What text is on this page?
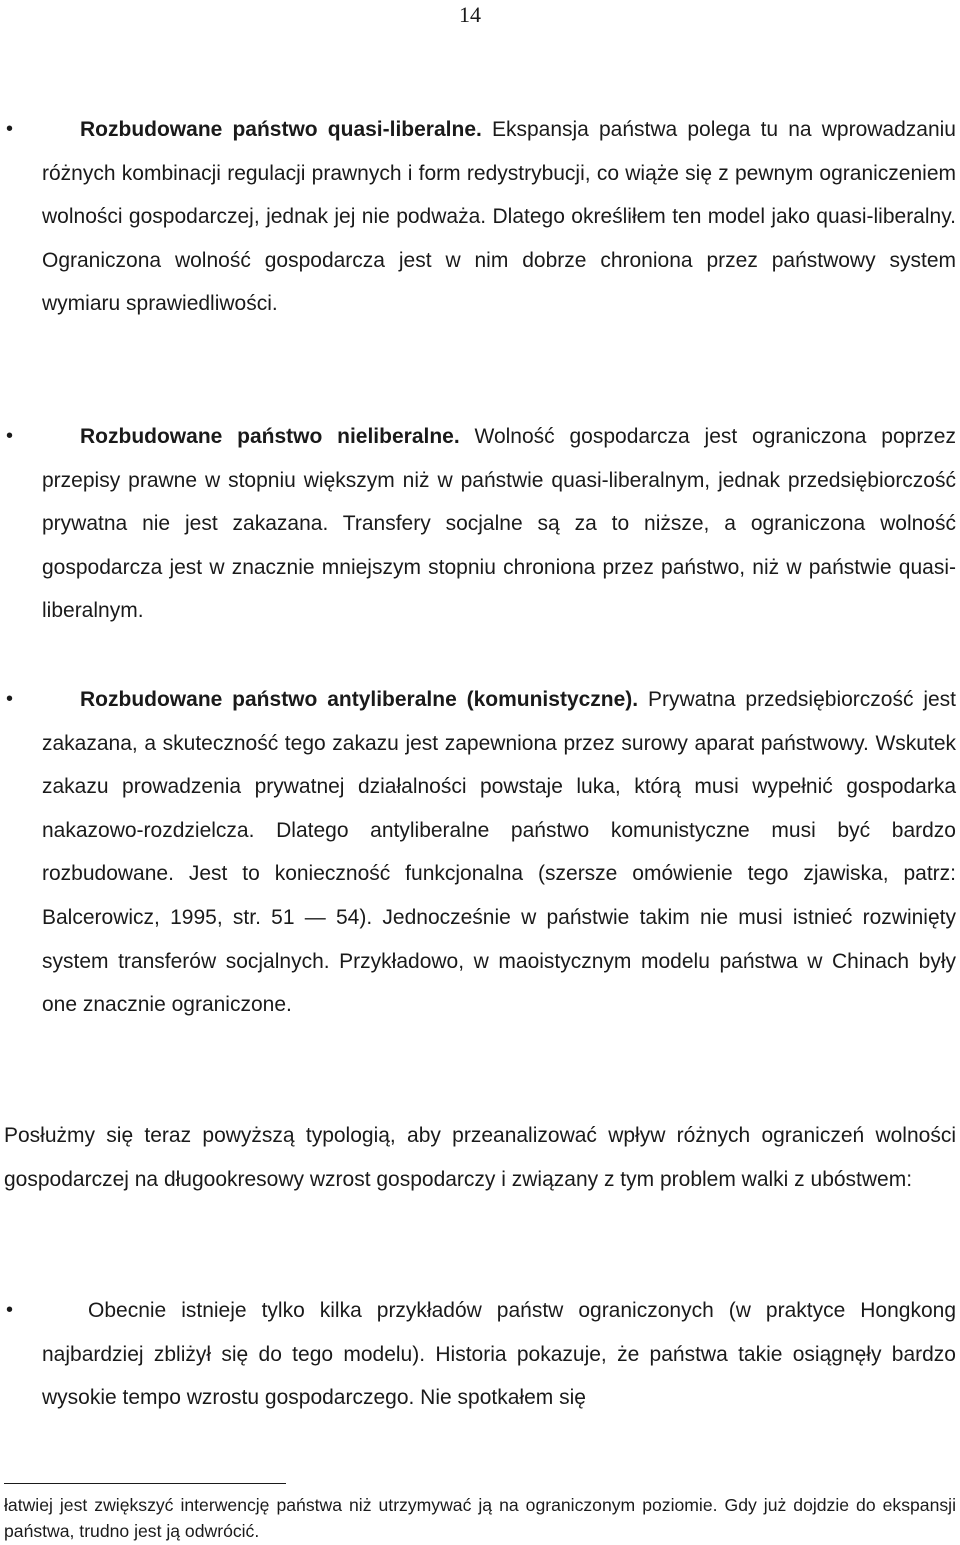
14
•	Rozbudowane państwo quasi-liberalne. Ekspansja państwa polega tu na wprowadzaniu różnych kombinacji regulacji prawnych i form redystrybucji, co wiąże się z pewnym ograniczeniem wolności gospodarczej, jednak jej nie podważa. Dlatego określiłem ten model jako quasi-liberalny. Ograniczona wolność gospodarcza jest w nim dobrze chroniona przez państwowy system wymiaru sprawiedliwości.

•	Rozbudowane państwo nieliberalne. Wolność gospodarcza jest ograniczona poprzez przepisy prawne w stopniu większym niż w państwie quasi-liberalnym, jednak przedsiębiorczość prywatna nie jest zakazana. Transfery socjalne są za to niższe, a ograniczona wolność gospodarcza jest w znacznie mniejszym stopniu chroniona przez państwo, niż w państwie quasi-liberalnym.

•	Rozbudowane państwo antyliberalne (komunistyczne). Prywatna przedsiębiorczość jest zakazana, a skuteczność tego zakazu jest zapewniona przez surowy aparat państwowy. Wskutek zakazu prowadzenia prywatnej działalności powstaje luka, którą musi wypełnić gospodarka nakazowo-rozdzielcza. Dlatego antyliberalne państwo komunistyczne musi być bardzo rozbudowane. Jest to konieczność funkcjonalna (szersze omówienie tego zjawiska, patrz: Balcerowicz, 1995, str. 51 — 54). Jednocześnie w państwie takim nie musi istnieć rozwinięty system transferów socjalnych. Przykładowo, w maoistycznym modelu państwa w Chinach były one znacznie ograniczone.

Posłużmy się teraz powyższą typologią, aby przeanalizować wpływ różnych ograniczeń wolności gospodarczej na długookresowy wzrost gospodarczy i związany z tym problem walki z ubóstwem:

•	Obecnie istnieje tylko kilka przykładów państw ograniczonych (w praktyce Hongkong najbardziej zbliżył się do tego modelu). Historia pokazuje, że państwa takie osiągnęły bardzo wysokie tempo wzrostu gospodarczego. Nie spotkałem się

łatwiej jest zwiększyć interwencję państwa niż utrzymywać ją na ograniczonym poziomie. Gdy już dojdzie do ekspansji państwa, trudno jest ją odwrócić.
